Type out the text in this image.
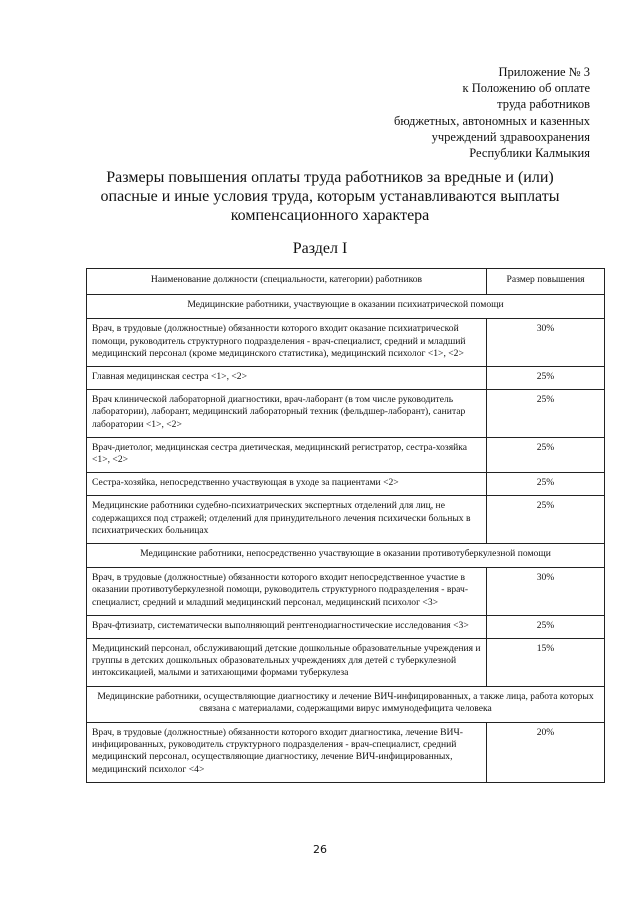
Приложение № 3
к Положению об оплате
труда работников
бюджетных, автономных и казенных
учреждений здравоохранения
Республики Калмыкия
Размеры повышения оплаты труда работников за вредные и (или) опасные и иные условия труда, которым устанавливаются выплаты компенсационного характера
Раздел I
Наименование должности (специальности, категории) работников	Размер повышения
Медицинские работники, участвующие в оказании психиатрической помощи	
Врач, в трудовые (должностные) обязанности которого входит оказание психиатрической помощи, руководитель структурного подразделения - врач-специалист, средний и младший медицинский персонал (кроме медицинского статистика), медицинский психолог <1>, <2>	30%
Главная медицинская сестра <1>, <2>	25%
Врач клинической лабораторной диагностики, врач-лаборант (в том числе руководитель лаборатории), лаборант, медицинский лабораторный техник (фельдшер-лаборант), санитар лаборатории <1>, <2>	25%
Врач-диетолог, медицинская сестра диетическая, медицинский регистратор, сестра-хозяйка <1>, <2>	25%
Сестра-хозяйка, непосредственно участвующая в уходе за пациентами <2>	25%
Медицинские работники судебно-психиатрических экспертных отделений для лиц, не содержащихся под стражей; отделений для принудительного лечения психически больных в психиатрических больницах	25%
Медицинские работники, непосредственно участвующие в оказании противотуберкулезной помощи	
Врач, в трудовые (должностные) обязанности которого входит непосредственное участие в оказании противотуберкулезной помощи, руководитель структурного подразделения - врач-специалист, средний и младший медицинский персонал, медицинский психолог <3>	30%
Врач-фтизиатр, систематически выполняющий рентгенодиагностические исследования <3>	25%
Медицинский персонал, обслуживающий детские дошкольные образовательные учреждения и группы в детских дошкольных образовательных учреждениях для детей с туберкулезной интоксикацией, малыми и затихающими формами туберкулеза	15%
Медицинские работники, осуществляющие диагностику и лечение ВИЧ-инфицированных, а также лица, работа которых связана с материалами, содержащими вирус иммунодефицита человека	
Врач, в трудовые (должностные) обязанности которого входит диагностика, лечение ВИЧ-инфицированных, руководитель структурного подразделения - врач-специалист, средний медицинский персонал, осуществляющие диагностику, лечение ВИЧ-инфицированных, медицинский психолог <4>	20%
26
